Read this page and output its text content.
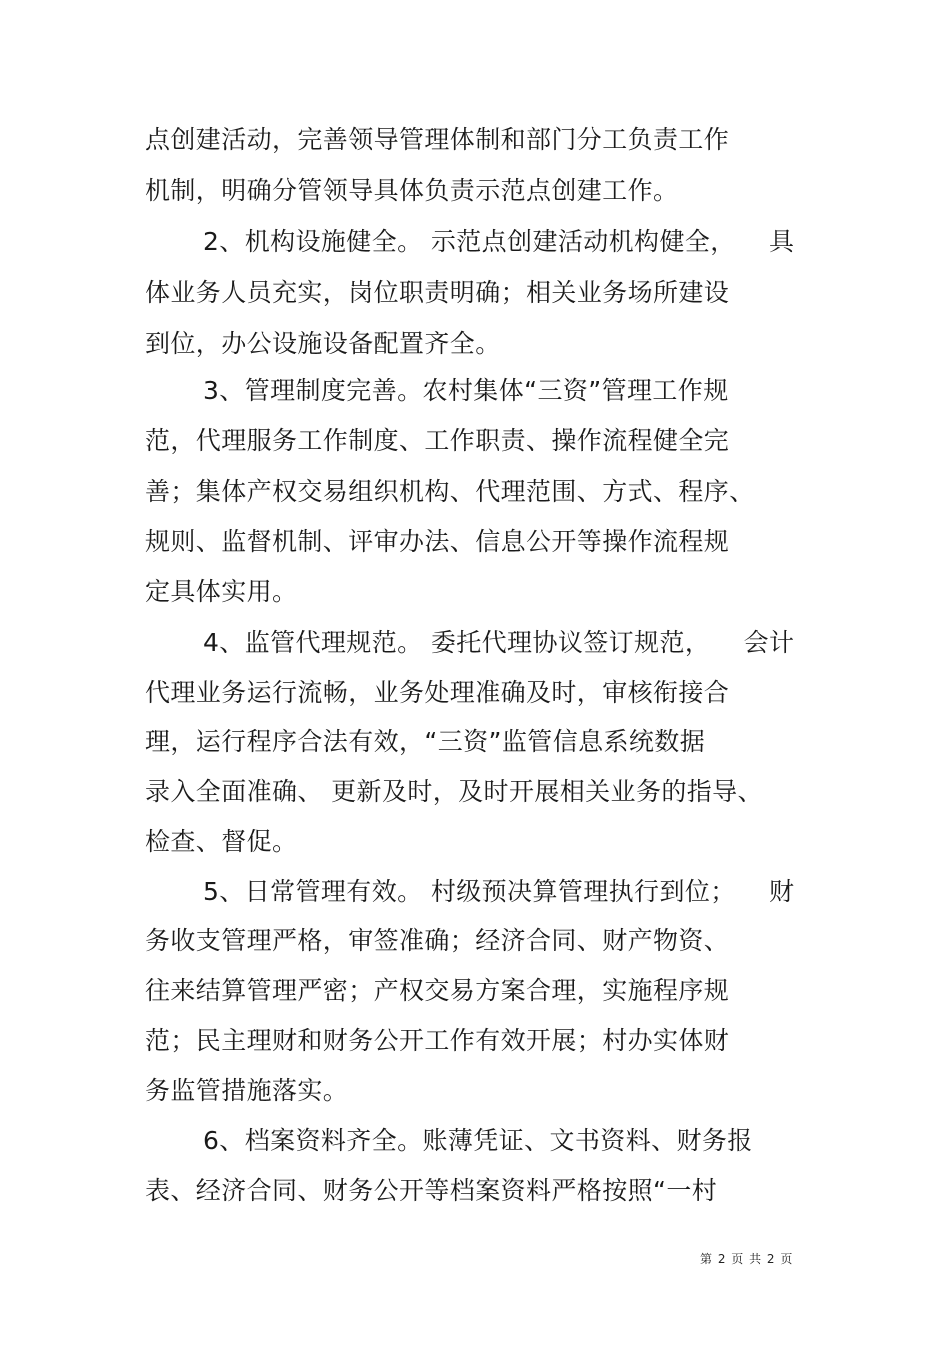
点创建活动，完善领导管理体制和部门分工负责工作
机制，明确分管领导具体负责示范点创建工作。
2、机构设施健全。 示范点创建活动机构健全，    具
体业务人员充实，岗位职责明确；相关业务场所建设
到位，办公设施设备配置齐全。
3、管理制度完善。农村集体“三资”管理工作规
范，代理服务工作制度、工作职责、操作流程健全完
善；集体产权交易组织机构、代理范围、方式、程序、
规则、监督机制、评审办法、信息公开等操作流程规
定具体实用。
4、监管代理规范。 委托代理协议签订规范，    会计
代理业务运行流畅，业务处理准确及时，审核衔接合
理，运行程序合法有效，“三资”监管信息系统数据
录入全面准确、 更新及时，及时开展相关业务的指导、
检查、督促。
5、日常管理有效。 村级预决算管理执行到位；    财
务收支管理严格，审签准确；经济合同、财产物资、
往来结算管理严密；产权交易方案合理，实施程序规
范；民主理财和财务公开工作有效开展；村办实体财
务监管措施落实。
6、档案资料齐全。账薄凭证、文书资料、财务报
表、经济合同、财务公开等档案资料严格按照“一村
第 2 页 共 2 页
